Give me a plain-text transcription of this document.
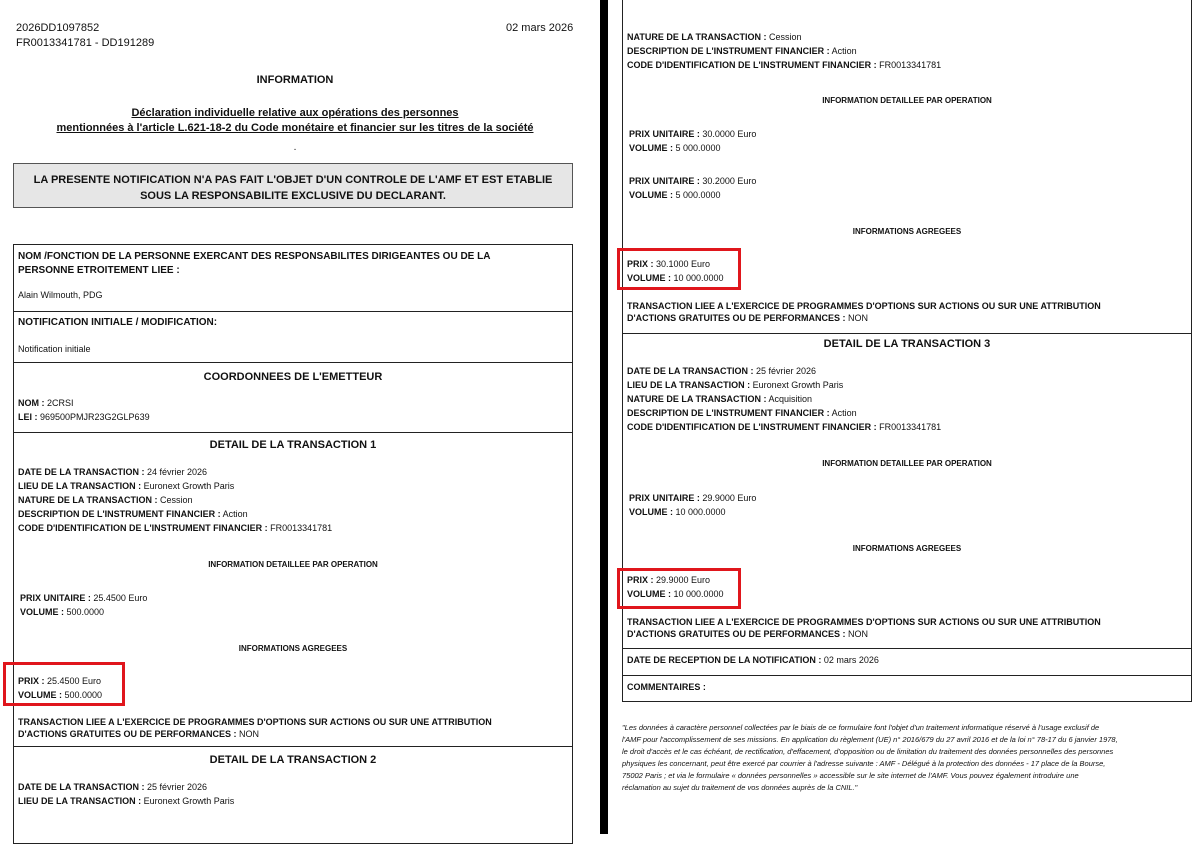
2026DD1097852
FR0013341781 - DD191289
02 mars 2026
INFORMATION
Déclaration individuelle relative aux opérations des personnes
mentionnées à l'article L.621-18-2 du Code monétaire et financier sur les titres de la société
.
LA PRESENTE NOTIFICATION N'A PAS FAIT L'OBJET D'UN CONTROLE DE L'AMF ET EST ETABLIE
SOUS LA RESPONSABILITE EXCLUSIVE DU DECLARANT.
NOM /FONCTION DE LA PERSONNE EXERCANT DES RESPONSABILITES DIRIGEANTES OU DE LA
PERSONNE ETROITEMENT LIEE :
Alain Wilmouth, PDG
NOTIFICATION INITIALE / MODIFICATION:
Notification initiale
COORDONNEES DE L'EMETTEUR
NOM : 2CRSI
LEI : 969500PMJR23G2GLP639
DETAIL DE LA TRANSACTION 1
DATE DE LA TRANSACTION : 24 février 2026
LIEU DE LA TRANSACTION : Euronext Growth Paris
NATURE DE LA TRANSACTION : Cession
DESCRIPTION DE L'INSTRUMENT FINANCIER : Action
CODE D'IDENTIFICATION DE L'INSTRUMENT FINANCIER : FR0013341781
INFORMATION DETAILLEE PAR OPERATION
PRIX UNITAIRE : 25.4500 Euro
VOLUME : 500.0000
INFORMATIONS AGREGEES
PRIX : 25.4500 Euro
VOLUME : 500.0000
TRANSACTION LIEE A L'EXERCICE DE PROGRAMMES D'OPTIONS SUR ACTIONS OU SUR UNE ATTRIBUTION
D'ACTIONS GRATUITES OU DE PERFORMANCES : NON
DETAIL DE LA TRANSACTION 2
DATE DE LA TRANSACTION : 25 février 2026
LIEU DE LA TRANSACTION : Euronext Growth Paris
NATURE DE LA TRANSACTION : Cession
DESCRIPTION DE L'INSTRUMENT FINANCIER : Action
CODE D'IDENTIFICATION DE L'INSTRUMENT FINANCIER : FR0013341781
INFORMATION DETAILLEE PAR OPERATION
PRIX UNITAIRE : 30.0000 Euro
VOLUME : 5 000.0000
PRIX UNITAIRE : 30.2000 Euro
VOLUME : 5 000.0000
INFORMATIONS AGREGEES
PRIX : 30.1000 Euro
VOLUME : 10 000.0000
TRANSACTION LIEE A L'EXERCICE DE PROGRAMMES D'OPTIONS SUR ACTIONS OU SUR UNE ATTRIBUTION
D'ACTIONS GRATUITES OU DE PERFORMANCES : NON
DETAIL DE LA TRANSACTION 3
DATE DE LA TRANSACTION : 25 février 2026
LIEU DE LA TRANSACTION : Euronext Growth Paris
NATURE DE LA TRANSACTION : Acquisition
DESCRIPTION DE L'INSTRUMENT FINANCIER : Action
CODE D'IDENTIFICATION DE L'INSTRUMENT FINANCIER : FR0013341781
INFORMATION DETAILLEE PAR OPERATION
PRIX UNITAIRE : 29.9000 Euro
VOLUME : 10 000.0000
INFORMATIONS AGREGEES
PRIX : 29.9000 Euro
VOLUME : 10 000.0000
TRANSACTION LIEE A L'EXERCICE DE PROGRAMMES D'OPTIONS SUR ACTIONS OU SUR UNE ATTRIBUTION
D'ACTIONS GRATUITES OU DE PERFORMANCES : NON
DATE DE RECEPTION DE LA NOTIFICATION : 02 mars 2026
COMMENTAIRES :
"Les données à caractère personnel collectées par le biais de ce formulaire font l'objet d'un traitement informatique réservé à l'usage exclusif de
l'AMF pour l'accomplissement de ses missions. En application du règlement (UE) n° 2016/679 du 27 avril 2016 et de la loi n° 78-17 du 6 janvier 1978,
le droit d'accès et le cas échéant, de rectification, d'effacement, d'opposition ou de limitation du traitement des données personnelles des personnes
physiques les concernant, peut être exercé par courrier à l'adresse suivante : AMF - Délégué à la protection des données - 17 place de la Bourse,
75002 Paris ; et via le formulaire « données personnelles » accessible sur le site internet de l'AMF. Vous pouvez également introduire une
réclamation au sujet du traitement de vos données auprès de la CNIL."
